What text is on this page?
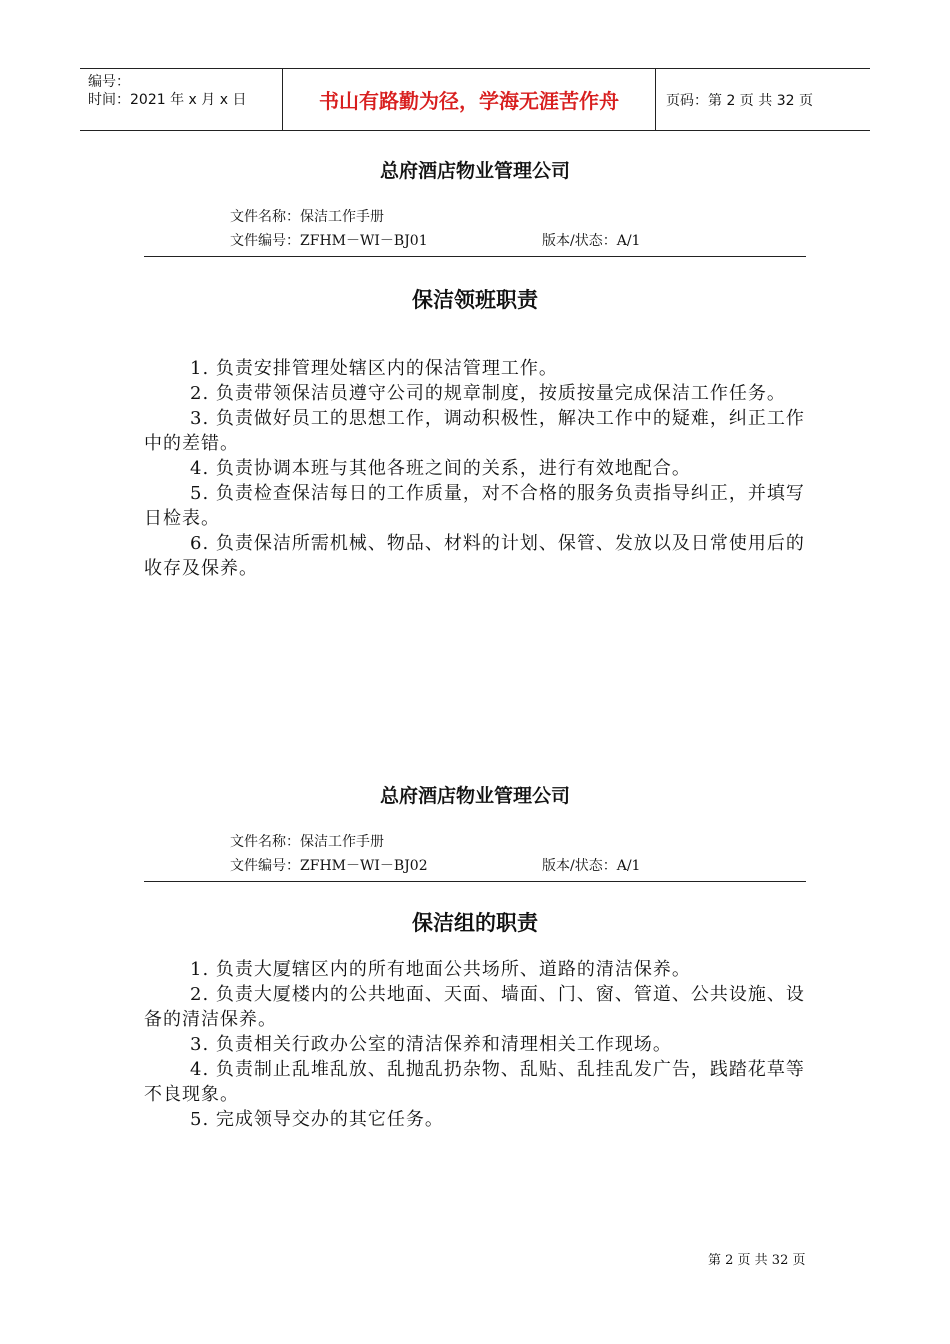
编号：
时间：2021 年 x 月 x 日	书山有路勤为径，学海无涯苦作舟	页码：第 2 页 共 32 页
总府酒店物业管理公司
文件名称：保洁工作手册
文件编号：ZFHM－WI－BJ01	版本/状态：A/1
保洁领班职责

1. 负责安排管理处辖区内的保洁管理工作。

2. 负责带领保洁员遵守公司的规章制度，按质按量完成保洁工作任务。

3. 负责做好员工的思想工作，调动积极性，解决工作中的疑难，纠正工作中的差错。

4. 负责协调本班与其他各班之间的关系，进行有效地配合。

5. 负责检查保洁每日的工作质量，对不合格的服务负责指导纠正，并填写日检表。

6. 负责保洁所需机械、物品、材料的计划、保管、发放以及日常使用后的收存及保养。

总府酒店物业管理公司
文件名称：保洁工作手册
文件编号：ZFHM－WI－BJ02	版本/状态：A/1
保洁组的职责

1. 负责大厦辖区内的所有地面公共场所、道路的清洁保养。

2. 负责大厦楼内的公共地面、天面、墙面、门、窗、管道、公共设施、设备的清洁保养。

3. 负责相关行政办公室的清洁保养和清理相关工作现场。

4. 负责制止乱堆乱放、乱抛乱扔杂物、乱贴、乱挂乱发广告，践踏花草等不良现象。

5. 完成领导交办的其它任务。

第 2 页 共 32 页
